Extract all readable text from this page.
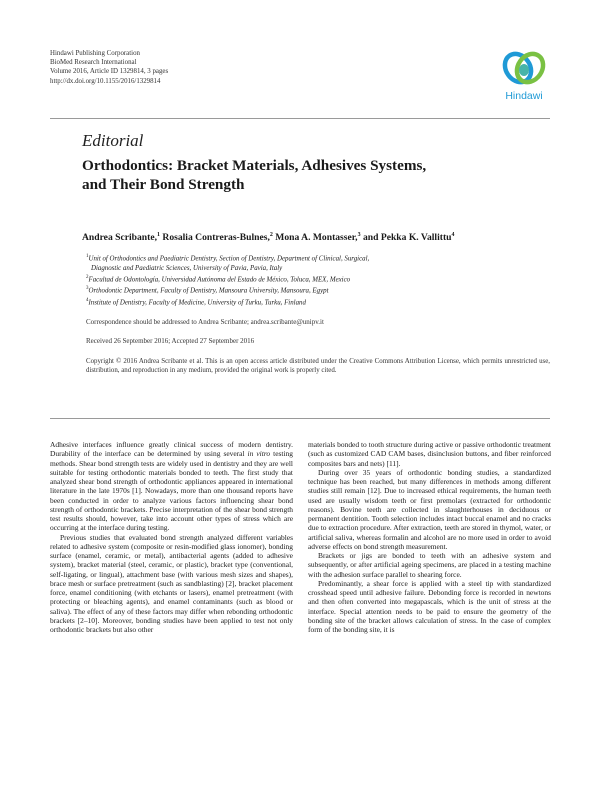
Hindawi Publishing Corporation
BioMed Research International
Volume 2016, Article ID 1329814, 3 pages
http://dx.doi.org/10.1155/2016/1329814
Hindawi
Editorial
Orthodontics: Bracket Materials, Adhesives Systems,
and Their Bond Strength
Andrea Scribante,$^1$ Rosalia Contreras-Bulnes,$^2$ Mona A. Montasser,$^3$ and Pekka K. Vallittu$^4$
$^1$Unit of Orthodontics and Paediatric Dentistry, Section of Dentistry, Department of Clinical, Surgical,
Diagnostic and Paediatric Sciences, University of Pavia, Pavia, Italy
$^2$Facultad de Odontología, Universidad Autónoma del Estado de México, Toluca, MEX, Mexico
$^3$Orthodontic Department, Faculty of Dentistry, Mansoura University, Mansoura, Egypt
$^4$Institute of Dentistry, Faculty of Medicine, University of Turku, Turku, Finland
Correspondence should be addressed to Andrea Scribante; andrea.scribante@unipv.it
Received 26 September 2016; Accepted 27 September 2016
Copyright © 2016 Andrea Scribante et al. This is an open access article distributed under the Creative Commons Attribution License, which permits unrestricted use, distribution, and reproduction in any medium, provided the original work is properly cited.

Adhesive interfaces influence greatly clinical success of modern dentistry. Durability of the interface can be determined by using several in vitro testing methods. Shear bond strength tests are widely used in dentistry and they are well suitable for testing orthodontic materials bonded to teeth. The first study that analyzed shear bond strength of orthodontic appliances appeared in international literature in the late 1970s [1]. Nowadays, more than one thousand reports have been conducted in order to analyze various factors influencing shear bond strength of orthodontic brackets. Precise interpretation of the shear bond strength test results should, however, take into account other types of stress which are occurring at the interface during testing.

Previous studies that evaluated bond strength analyzed different variables related to adhesive system (composite or resin-modified glass ionomer), bonding surface (enamel, ceramic, or metal), antibacterial agents (added to adhesive system), bracket material (steel, ceramic, or plastic), bracket type (conventional, self-ligating, or lingual), attachment base (with various mesh sizes and shapes), brace mesh or surface pretreatment (such as sandblasting) [2], bracket placement force, enamel conditioning (with etchants or lasers), enamel pretreatment (with protecting or bleaching agents), and enamel contaminants (such as blood or saliva). The effect of any of these factors may differ when rebonding orthodontic brackets [2–10]. Moreover, bonding studies have been applied to test not only orthodontic brackets but also other

materials bonded to tooth structure during active or passive orthodontic treatment (such as customized CAD CAM bases, disinclusion buttons, and fiber reinforced composites bars and nets) [11].

During over 35 years of orthodontic bonding studies, a standardized technique has been reached, but many differences in methods among different studies still remain [12]. Due to increased ethical requirements, the human teeth used are usually wisdom teeth or first premolars (extracted for orthodontic reasons). Bovine teeth are collected in slaughterhouses in deciduous or permanent dentition. Tooth selection includes intact buccal enamel and no cracks due to extraction procedure. After extraction, teeth are stored in thymol, water, or artificial saliva, whereas formalin and alcohol are no more used in order to avoid adverse effects on bond strength measurement.

Brackets or jigs are bonded to teeth with an adhesive system and subsequently, or after artificial ageing specimens, are placed in a testing machine with the adhesion surface parallel to shearing force.

Predominantly, a shear force is applied with a steel tip with standardized crosshead speed until adhesive failure. Debonding force is recorded in newtons and then often converted into megapascals, which is the unit of stress at the interface. Special attention needs to be paid to ensure the geometry of the bonding site of the bracket allows calculation of stress. In the case of complex form of the bonding site, it is
